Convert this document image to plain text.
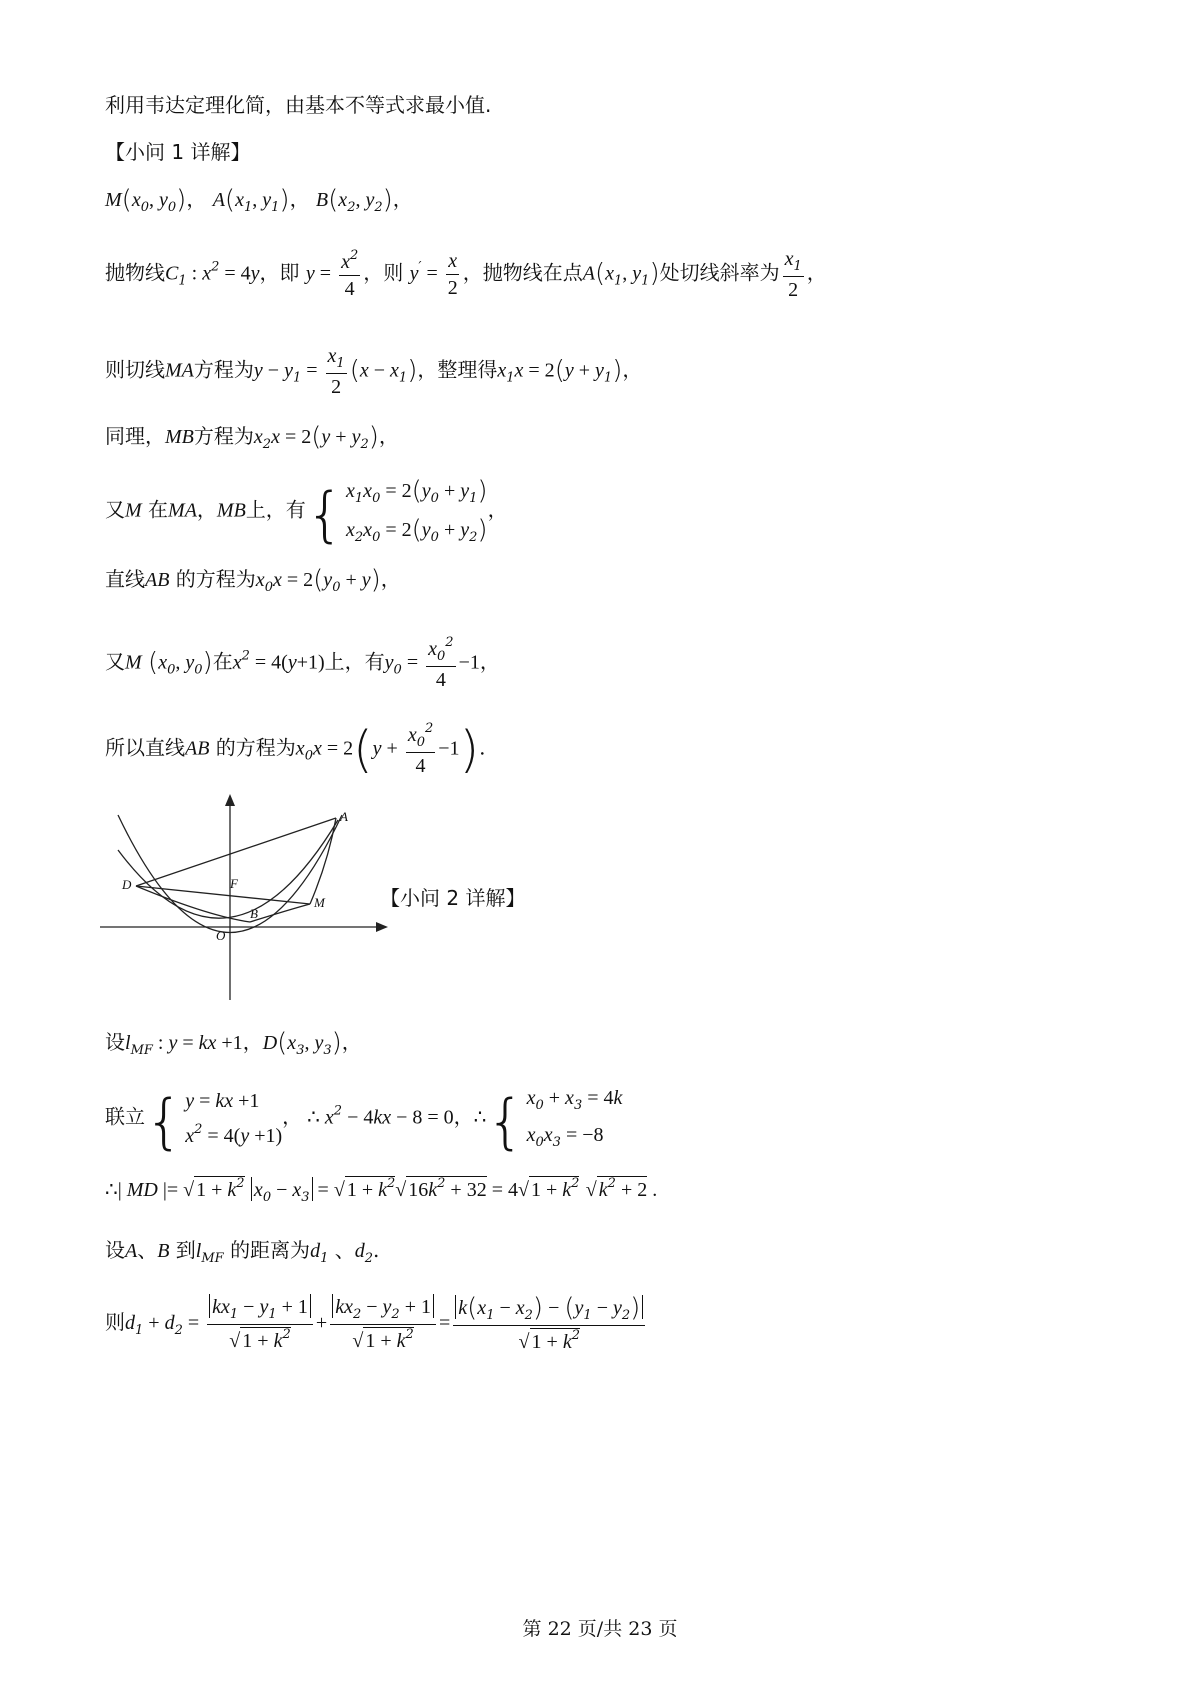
利用韦达定理化简，由基本不等式求最小值.
【小问 1 详解】
$M(x_0$, $y_0$)， $A(x_1$, $y_1$)， $B(x_2$, $y_2$)，
抛物线$C_1$ : $x^2 = 4y$，即 $y = \frac{x^2}{4}$ ，则 $y' = \frac{x}{2}$ ，抛物线在点$A(x_1$, $y_1$)处切线斜率为 $\frac{x_1}{2}$ ，
则切线MA方程为$y - y_1 = \frac{x_1}{2} (x - x_1)$，整理得$x_1x = 2(y + y_1)$，
同理，MB方程为$x_2x = 2(y + y_2)$，
又M 在MA，MB上，有{ $x_1x_0 = 2(y_0 + y_1)$
$x_2x_0 = 2(y_0 + y_2)$
，
直线AB 的方程为$x_0x = 2(y_0 + y)$，
又M ($x_0$, $y_0$)在$x^2 = 4(y+1)$上，有$y_0 = \frac{x_0^2}{4} -1$，
所以直线AB 的方程为$x_0x = 2(y + \frac{x_0^2}{4} -1)$.
A
B
D	F
M
O
【小问 2 详解】
设$l_{MF}$ : y = kx +1，$D(x_3$, $y_3$)，
联立{ y = kx +1
$x^2 = 4(y +1)$
， ∴ $x^2 - 4kx - 8 = 0$，∴{ $x_0 + x_3 = 4k$
$x_0x_3 = -8$
∴| MD |= √ $1 + k^2$ $x_0 - x_3$ = √ $1 + k^2√$ $16k^2 + 32 = 4√$ $1 + k^2$ √ $k^2 + 2$ .
设A、B 到$l_{MF}$ 的距离为$d_1$ 、$d_2$.
则$d_1 + d_2 = \frac{kx_1 - y_1 + 1}{√ 1 + k^2} + \frac{kx_2 - y_2 + 1}{√ 1 + k^2} = \frac{k(x_1 - x_2) - (y_1 - y_2)}{√ 1 + k^2}$
第 22 页/共 23 页
